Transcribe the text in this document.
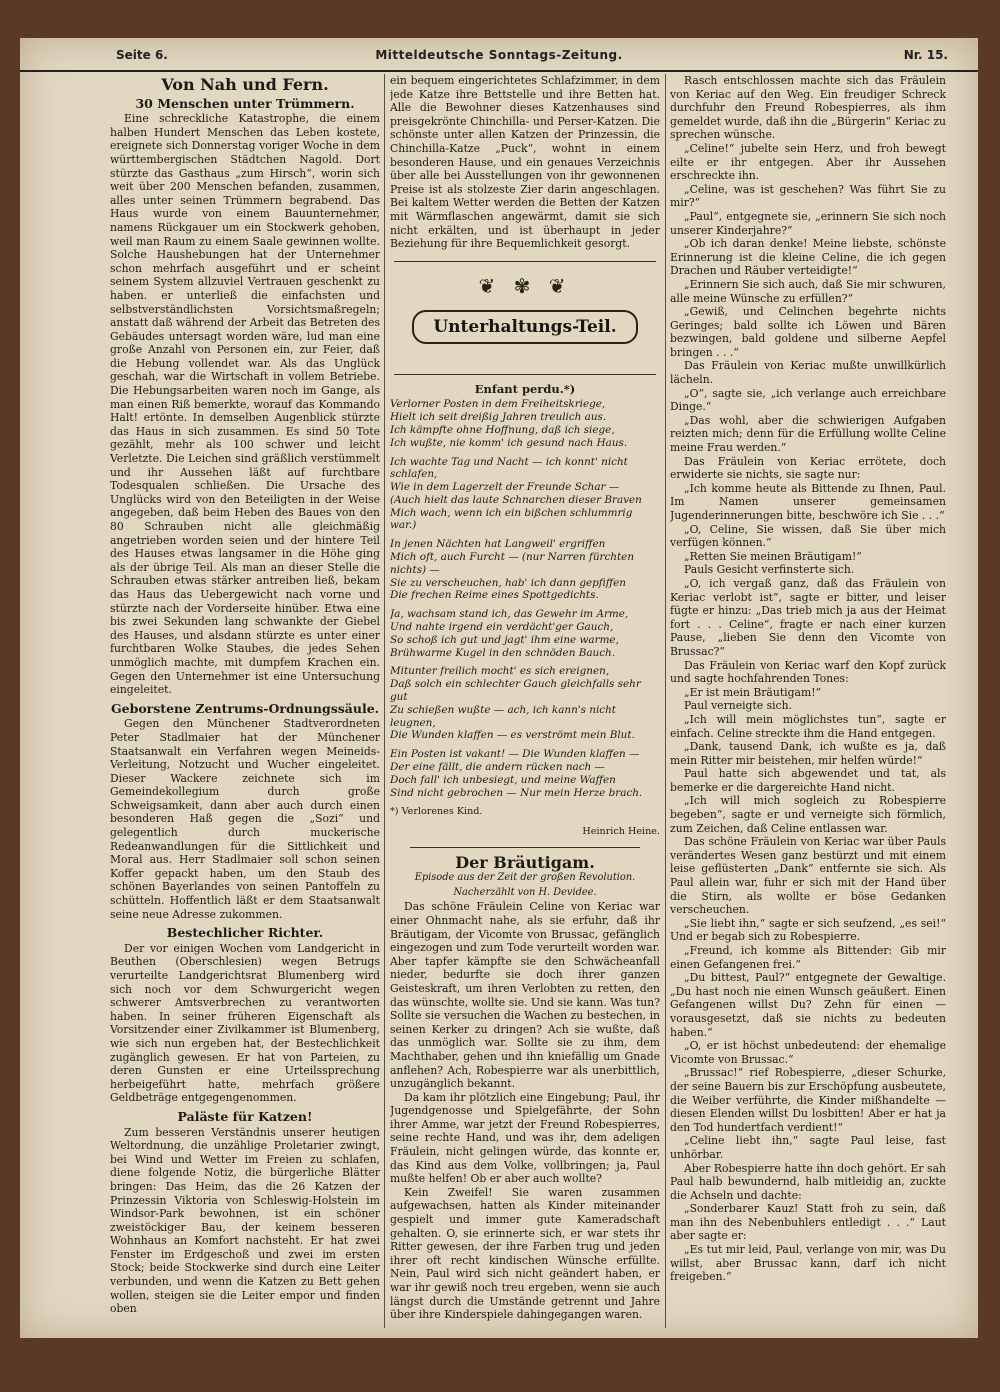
Seite 6.	Mitteldeutsche Sonntags-Zeitung.	Nr. 15.
Von Nah und Fern.
30 Menschen unter Trümmern.

Eine schreckliche Katastrophe, die einem halben Hundert Menschen das Leben kostete, ereignete sich Donnerstag voriger Woche in dem württembergischen Städtchen Nagold. Dort stürzte das Gasthaus „zum Hirsch“, worin sich weit über 200 Menschen befanden, zusammen, alles unter seinen Trümmern begrabend. Das Haus wurde von einem Bauunternehmer, namens Rückgauer um ein Stockwerk gehoben, weil man Raum zu einem Saale gewinnen wollte. Solche Haushebungen hat der Unternehmer schon mehrfach ausgeführt und er scheint seinem System allzuviel Vertrauen geschenkt zu haben. er unterließ die einfachsten und selbstverständlichsten Vorsichtsmaßregeln; anstatt daß während der Arbeit das Betreten des Gebäudes untersagt worden wäre, lud man eine große Anzahl von Personen ein, zur Feier, daß die Hebung vollendet war. Als das Unglück geschah, war die Wirtschaft in vollem Betriebe. Die Hebungsarbeiten waren noch im Gange, als man einen Riß bemerkte, worauf das Kommando Halt! ertönte. In demselben Augenblick stürzte das Haus in sich zusammen. Es sind 50 Tote gezählt, mehr als 100 schwer und leicht Verletzte. Die Leichen sind gräßlich verstümmelt und ihr Aussehen läßt auf furchtbare Todesqualen schließen. Die Ursache des Unglücks wird von den Beteiligten in der Weise angegeben, daß beim Heben des Baues von den 80 Schrauben nicht alle gleichmäßig angetrieben worden seien und der hintere Teil des Hauses etwas langsamer in die Höhe ging als der übrige Teil. Als man an dieser Stelle die Schrauben etwas stärker antreiben ließ, bekam das Haus das Uebergewicht nach vorne und stürzte nach der Vorderseite hinüber. Etwa eine bis zwei Sekunden lang schwankte der Giebel des Hauses, und alsdann stürzte es unter einer furchtbaren Wolke Staubes, die jedes Sehen unmöglich machte, mit dumpfem Krachen ein. Gegen den Unternehmer ist eine Untersuchung eingeleitet.

Geborstene Zentrums-Ordnungssäule.

Gegen den Münchener Stadtverordneten Peter Stadlmaier hat der Münchener Staatsanwalt ein Verfahren wegen Meineids-Verleitung, Notzucht und Wucher eingeleitet. Dieser Wackere zeichnete sich im Gemeindekollegium durch große Schweigsamkeit, dann aber auch durch einen besonderen Haß gegen die „Sozi“ und gelegentlich durch muckerische Redeanwandlungen für die Sittlichkeit und Moral aus. Herr Stadlmaier soll schon seinen Koffer gepackt haben, um den Staub des schönen Bayerlandes von seinen Pantoffeln zu schütteln. Hoffentlich läßt er dem Staatsanwalt seine neue Adresse zukommen.

Bestechlicher Richter.

Der vor einigen Wochen vom Landgericht in Beuthen (Oberschlesien) wegen Betrugs verurteilte Landgerichtsrat Blumenberg wird sich noch vor dem Schwurgericht wegen schwerer Amtsverbrechen zu verantworten haben. In seiner früheren Eigenschaft als Vorsitzender einer Zivilkammer ist Blumenberg, wie sich nun ergeben hat, der Bestechlichkeit zugänglich gewesen. Er hat von Parteien, zu deren Gunsten er eine Urteilssprechung herbeigeführt hatte, mehrfach größere Geldbeträge entgegengenommen.

Paläste für Katzen!

Zum besseren Verständnis unserer heutigen Weltordnung, die unzählige Proletarier zwingt, bei Wind und Wetter im Freien zu schlafen, diene folgende Notiz, die bürgerliche Blätter bringen: Das Heim, das die 26 Katzen der Prinzessin Viktoria von Schleswig-Holstein im Windsor-Park bewohnen, ist ein schöner zweistöckiger Bau, der keinem besseren Wohnhaus an Komfort nachsteht. Er hat zwei Fenster im Erdgeschoß und zwei im ersten Stock; beide Stockwerke sind durch eine Leiter verbunden, und wenn die Katzen zu Bett gehen wollen, steigen sie die Leiter empor und finden oben

ein bequem eingerichtetes Schlafzimmer, in dem jede Katze ihre Bettstelle und ihre Betten hat. Alle die Bewohner dieses Katzenhauses sind preisgekrönte Chinchilla- und Perser-Katzen. Die schönste unter allen Katzen der Prinzessin, die Chinchilla-Katze „Puck“, wohnt in einem besonderen Hause, und ein genaues Verzeichnis über alle bei Ausstellungen von ihr gewonnenen Preise ist als stolzeste Zier darin angeschlagen. Bei kaltem Wetter werden die Betten der Katzen mit Wärmflaschen angewärmt, damit sie sich nicht erkälten, und ist überhaupt in jeder Beziehung für ihre Bequemlichkeit gesorgt.

❦ ✾ ❦
Unterhaltungs-Teil.
Enfant perdu.*)

Verlorner Posten in dem Freiheitskriege,

Hielt ich seit dreißig Jahren treulich aus.

Ich kämpfte ohne Hoffnung, daß ich siege,

Ich wußte, nie komm' ich gesund nach Haus.

Ich wachte Tag und Nacht — ich konnt' nicht schlafen,

Wie in dem Lagerzelt der Freunde Schar —

(Auch hielt das laute Schnarchen dieser Braven

Mich wach, wenn ich ein bißchen schlummrig war.)

In jenen Nächten hat Langweil' ergriffen

Mich oft, auch Furcht — (nur Narren fürchten nichts) —

Sie zu verscheuchen, hab' ich dann gepfiffen

Die frechen Reime eines Spottgedichts.

Ja, wachsam stand ich, das Gewehr im Arme,

Und nahte irgend ein verdächt'ger Gauch,

So schoß ich gut und jagt' ihm eine warme,

Brühwarme Kugel in den schnöden Bauch.

Mitunter freilich mocht' es sich ereignen,

Daß solch ein schlechter Gauch gleichfalls sehr gut

Zu schießen wußte — ach, ich kann's nicht leugnen,

Die Wunden klaffen — es verströmt mein Blut.

Ein Posten ist vakant! — Die Wunden klaffen —

Der eine fällt, die andern rücken nach —

Doch fall' ich unbesiegt, und meine Waffen

Sind nicht gebrochen — Nur mein Herze brach.

*) Verlorenes Kind.

Heinrich Heine.

Der Bräutigam.
Episode aus der Zeit der großen Revolution.
Nacherzählt von H. Devidee.

Das schöne Fräulein Celine von Keriac war einer Ohnmacht nahe, als sie erfuhr, daß ihr Bräutigam, der Vicomte von Brussac, gefänglich eingezogen und zum Tode verurteilt worden war. Aber tapfer kämpfte sie den Schwächeanfall nieder, bedurfte sie doch ihrer ganzen Geisteskraft, um ihren Verlobten zu retten, den das wünschte, wollte sie. Und sie kann. Was tun? Sollte sie versuchen die Wachen zu bestechen, in seinen Kerker zu dringen? Ach sie wußte, daß das unmöglich war. Sollte sie zu ihm, dem Machthaber, gehen und ihn kniefällig um Gnade anflehen? Ach, Robespierre war als unerbittlich, unzugänglich bekannt.

Da kam ihr plötzlich eine Eingebung; Paul, ihr Jugendgenosse und Spielgefährte, der Sohn ihrer Amme, war jetzt der Freund Robespierres, seine rechte Hand, und was ihr, dem adeligen Fräulein, nicht gelingen würde, das konnte er, das Kind aus dem Volke, vollbringen; ja, Paul mußte helfen! Ob er aber auch wollte?

Kein Zweifel! Sie waren zusammen aufgewachsen, hatten als Kinder miteinander gespielt und immer gute Kameradschaft gehalten. O, sie erinnerte sich, er war stets ihr Ritter gewesen, der ihre Farben trug und jeden ihrer oft recht kindischen Wünsche erfüllte. Nein, Paul wird sich nicht geändert haben, er war ihr gewiß noch treu ergeben, wenn sie auch längst durch die Umstände getrennt und Jahre über ihre Kinderspiele dahingegangen waren.

Rasch entschlossen machte sich das Fräulein von Keriac auf den Weg. Ein freudiger Schreck durchfuhr den Freund Robespierres, als ihm gemeldet wurde, daß ihn die „Bürgerin“ Keriac zu sprechen wünsche.

„Celine!“ jubelte sein Herz, und froh bewegt eilte er ihr entgegen. Aber ihr Aussehen erschreckte ihn.

„Celine, was ist geschehen? Was führt Sie zu mir?“

„Paul“, entgegnete sie, „erinnern Sie sich noch unserer Kinderjahre?“

„Ob ich daran denke! Meine liebste, schönste Erinnerung ist die kleine Celine, die ich gegen Drachen und Räuber verteidigte!“

„Erinnern Sie sich auch, daß Sie mir schwuren, alle meine Wünsche zu erfüllen?“

„Gewiß, und Celinchen begehrte nichts Geringes; bald sollte ich Löwen und Bären bezwingen, bald goldene und silberne Aepfel bringen . . .“

Das Fräulein von Keriac mußte unwillkürlich lächeln.

„O“, sagte sie, „ich verlange auch erreichbare Dinge.“

„Das wohl, aber die schwierigen Aufgaben reizten mich; denn für die Erfüllung wollte Celine meine Frau werden.“

Das Fräulein von Keriac errötete, doch erwiderte sie nichts, sie sagte nur:

„Ich komme heute als Bittende zu Ihnen, Paul. Im Namen unserer gemeinsamen Jugenderinnerungen bitte, beschwöre ich Sie . . .“

„O, Celine, Sie wissen, daß Sie über mich verfügen können.“

„Retten Sie meinen Bräutigam!“

Pauls Gesicht verfinsterte sich.

„O, ich vergaß ganz, daß das Fräulein von Keriac verlobt ist“, sagte er bitter, und leiser fügte er hinzu: „Das trieb mich ja aus der Heimat fort . . . Celine“, fragte er nach einer kurzen Pause, „lieben Sie denn den Vicomte von Brussac?“

Das Fräulein von Keriac warf den Kopf zurück und sagte hochfahrenden Tones:

„Er ist mein Bräutigam!“

Paul verneigte sich.

„Ich will mein möglichstes tun“, sagte er einfach. Celine streckte ihm die Hand entgegen.

„Dank, tausend Dank, ich wußte es ja, daß mein Ritter mir beistehen, mir helfen würde!“

Paul hatte sich abgewendet und tat, als bemerke er die dargereichte Hand nicht.

„Ich will mich sogleich zu Robespierre begeben“, sagte er und verneigte sich förmlich, zum Zeichen, daß Celine entlassen war.

Das schöne Fräulein von Keriac war über Pauls verändertes Wesen ganz bestürzt und mit einem leise geflüsterten „Dank“ entfernte sie sich. Als Paul allein war, fuhr er sich mit der Hand über die Stirn, als wollte er böse Gedanken verscheuchen.

„Sie liebt ihn,“ sagte er sich seufzend, „es sei!“ Und er begab sich zu Robespierre.

„Freund, ich komme als Bittender: Gib mir einen Gefangenen frei.“

„Du bittest, Paul?“ entgegnete der Gewaltige. „Du hast noch nie einen Wunsch geäußert. Einen Gefangenen willst Du? Zehn für einen — vorausgesetzt, daß sie nichts zu bedeuten haben.“

„O, er ist höchst unbedeutend: der ehemalige Vicomte von Brussac.“

„Brussac!“ rief Robespierre, „dieser Schurke, der seine Bauern bis zur Erschöpfung ausbeutete, die Weiber verführte, die Kinder mißhandelte — diesen Elenden willst Du losbitten! Aber er hat ja den Tod hundertfach verdient!“

„Celine liebt ihn,“ sagte Paul leise, fast unhörbar.

Aber Robespierre hatte ihn doch gehört. Er sah Paul halb bewundernd, halb mitleidig an, zuckte die Achseln und dachte:

„Sonderbarer Kauz! Statt froh zu sein, daß man ihn des Nebenbuhlers entledigt . . .“ Laut aber sagte er:

„Es tut mir leid, Paul, verlange von mir, was Du willst, aber Brussac kann, darf ich nicht freigeben.“
